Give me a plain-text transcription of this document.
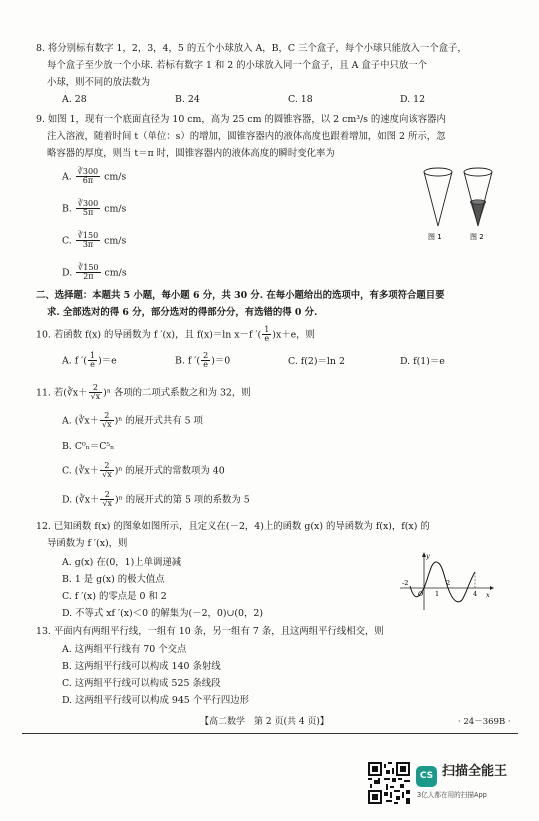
8. 将分别标有数字 1，2，3，4，5 的五个小球放入 A，B，C 三个盒子，每个小球只能放入一个盒子，
每个盒子至少放一个小球. 若标有数字 1 和 2 的小球放入同一个盒子，且 A 盒子中只放一个
小球，则不同的放法数为
A. 28	B. 24	C. 18	D. 12
9. 如图 1，现有一个底面直径为 10 cm，高为 25 cm 的圆锥容器，以 2 cm³/s 的速度向该容器内
注入溶液，随着时间 t（单位：s）的增加，圆锥容器内的液体高度也跟着增加，如图 2 所示，忽
略容器的厚度，则当 t＝π 时，圆锥容器内的液体高度的瞬时变化率为
A. $\frac{∛300}{6\pi} cm/s$
B. $\frac{∛300}{5\pi} cm/s$
C. $\frac{∛150}{3\pi} cm/s$
D. $\frac{∛150}{2\pi} cm/s$
图 1	图 2
二、选择题：本题共 5 小题，每小题 6 分，共 30 分. 在每小题给出的选项中，有多项符合题目要
求. 全部选对的得 6 分，部分选对的得部分分，有选错的得 0 分.
10. 若函数 f(x) 的导函数为 f ′(x)，且 f(x)＝ln x－f ′( $\frac{1}{e} )x+e$，则
A. f ′( $\frac{1}{e} )=e$	B. f ′( $\frac{2}{e} )=0$	C. f(2)＝ln 2	D. f(1)＝e
11. 若(∛x＋ $\frac{2}{√x} )^n$ 各项的二项式系数之和为 32，则
A. (∛x＋ $\frac{2}{√x} )^n$ 的展开式共有 5 项
B. C⁰ₙ＝C⁵ₙ
C. (∛x＋ $\frac{2}{√x} )^n$ 的展开式的常数项为 40
D. (∛x＋ $\frac{2}{√x} )^n$ 的展开式的第 5 项的系数为 5
12. 已知函数 f(x) 的图象如图所示，且定义在(－2，4)上的函数 g(x) 的导函数为 f(x)，f(x) 的
导函数为 f ′(x)，则
A. g(x) 在(0，1)上单调递减
B. 1 是 g(x) 的极大值点
C. f ′(x) 的零点是 0 和 2
D. 不等式 xf ′(x)＜0 的解集为(－2，0)∪(0，2)
y
x
-2
O 1
2
4
13. 平面内有两组平行线，一组有 10 条，另一组有 7 条，且这两组平行线相交，则
A. 这两组平行线有 70 个交点
B. 这两组平行线可以构成 140 条射线
C. 这两组平行线可以构成 525 条线段
D. 这两组平行线可以构成 945 个平行四边形
【高二数学　第 2 页(共 4 页)】	· 24－369B ·
CS 扫描全能王
3亿人都在用的扫描App
